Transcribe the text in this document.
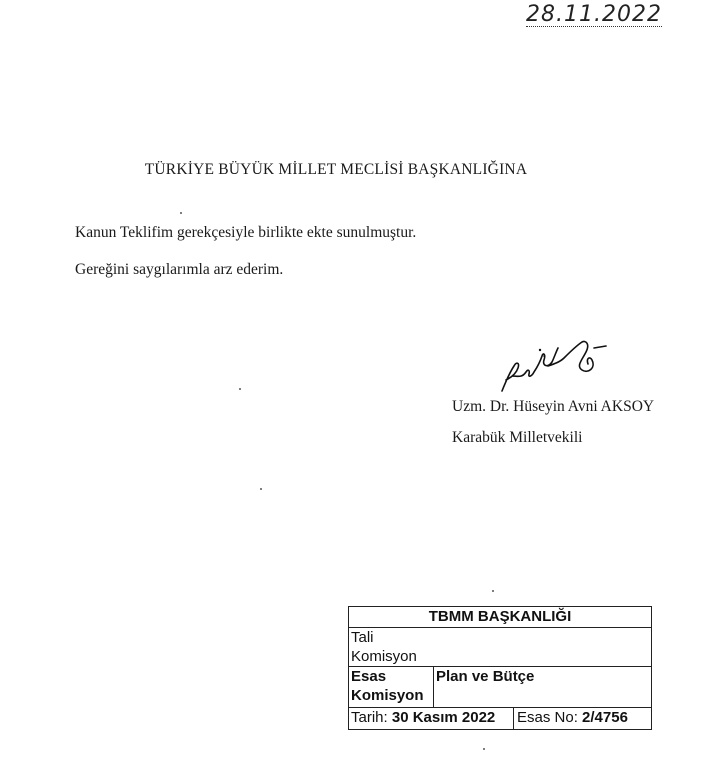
28.11.2022
TÜRKİYE BÜYÜK MİLLET MECLİSİ BAŞKANLIĞINA
Kanun Teklifim gerekçesiyle birlikte ekte sunulmuştur.
Gereğini saygılarımla arz ederim.
Uzm. Dr. Hüseyin Avni AKSOY
Karabük Milletvekili
TBMM BAŞKANLIĞI
Tali
Komisyon
Esas
Komisyon
Plan ve Bütçe
Tarih: 30 Kasım 2022	Esas No: 2/4756
